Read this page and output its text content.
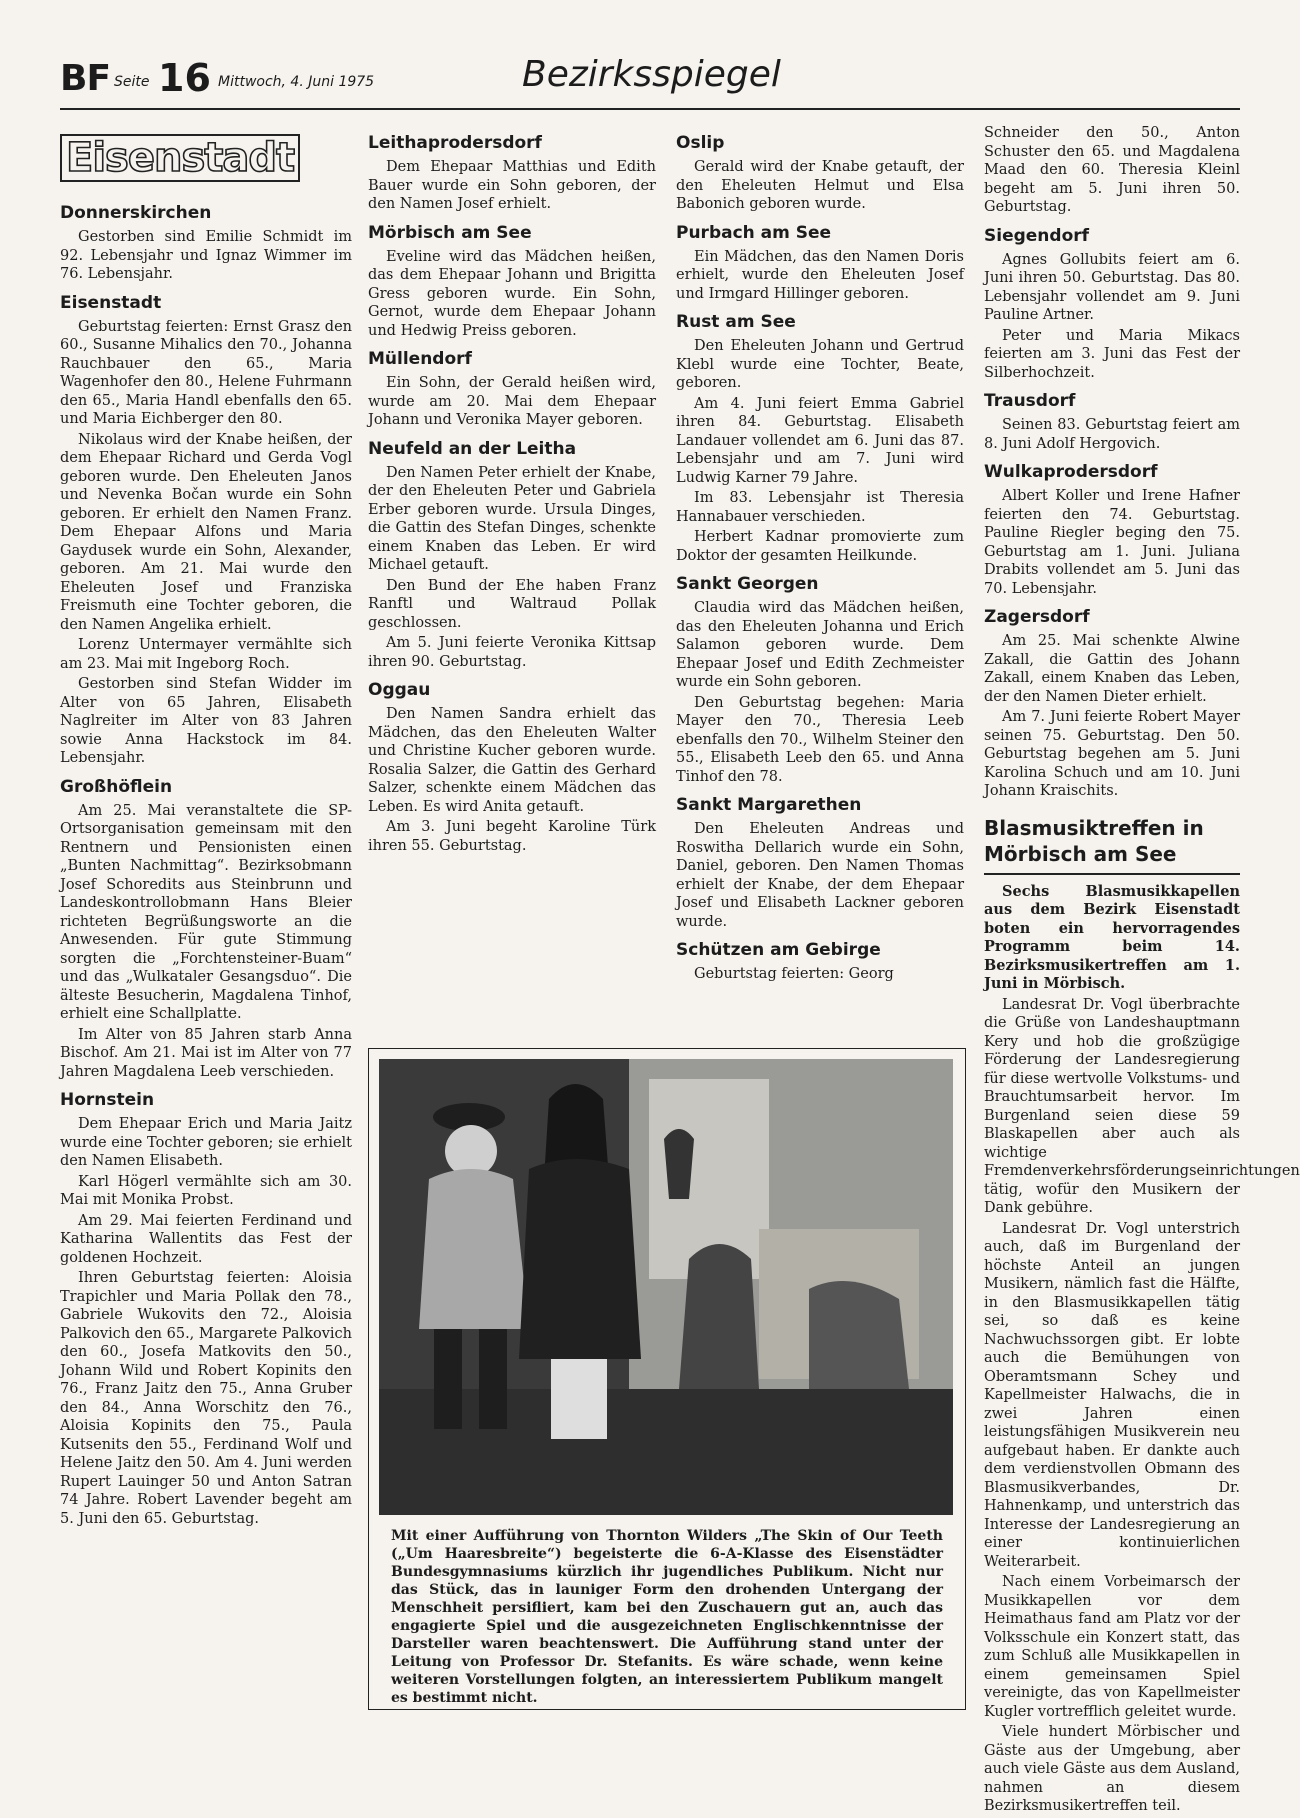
BF Seite 16 Mittwoch, 4. Juni 1975	Bezirksspiegel
Eisenstadt
Donnerskirchen

Gestorben sind Emilie Schmidt im 92. Lebensjahr und Ignaz Wimmer im 76. Lebensjahr.

Eisenstadt

Geburtstag feierten: Ernst Grasz den 60., Susanne Mihalics den 70., Johanna Rauchbauer den 65., Maria Wagenhofer den 80., Helene Fuhrmann den 65., Maria Handl ebenfalls den 65. und Maria Eichberger den 80.

Nikolaus wird der Knabe heißen, der dem Ehepaar Richard und Gerda Vogl geboren wurde. Den Eheleuten Janos und Nevenka Bočan wurde ein Sohn geboren. Er erhielt den Namen Franz. Dem Ehepaar Alfons und Maria Gaydusek wurde ein Sohn, Alexander, geboren. Am 21. Mai wurde den Eheleuten Josef und Franziska Freismuth eine Tochter geboren, die den Namen Angelika erhielt.

Lorenz Untermayer vermählte sich am 23. Mai mit Ingeborg Roch.

Gestorben sind Stefan Widder im Alter von 65 Jahren, Elisabeth Naglreiter im Alter von 83 Jahren sowie Anna Hackstock im 84. Lebensjahr.

Großhöflein

Am 25. Mai veranstaltete die SP-Ortsorganisation gemeinsam mit den Rentnern und Pensionisten einen „Bunten Nachmittag“. Bezirksobmann Josef Schoredits aus Steinbrunn und Landeskontrollobmann Hans Bleier richteten Begrüßungsworte an die Anwesenden. Für gute Stimmung sorgten die „Forchtensteiner-Buam“ und das „Wulkataler Gesangsduo“. Die älteste Besucherin, Magdalena Tinhof, erhielt eine Schallplatte.

Im Alter von 85 Jahren starb Anna Bischof. Am 21. Mai ist im Alter von 77 Jahren Magdalena Leeb verschieden.

Hornstein

Dem Ehepaar Erich und Maria Jaitz wurde eine Tochter geboren; sie erhielt den Namen Elisabeth.

Karl Högerl vermählte sich am 30. Mai mit Monika Probst.

Am 29. Mai feierten Ferdinand und Katharina Wallentits das Fest der goldenen Hochzeit.

Ihren Geburtstag feierten: Aloisia Trapichler und Maria Pollak den 78., Gabriele Wukovits den 72., Aloisia Palkovich den 65., Margarete Palkovich den 60., Josefa Matkovits den 50., Johann Wild und Robert Kopinits den 76., Franz Jaitz den 75., Anna Gruber den 84., Anna Worschitz den 76., Aloisia Kopinits den 75., Paula Kutsenits den 55., Ferdinand Wolf und Helene Jaitz den 50. Am 4. Juni werden Rupert Lauinger 50 und Anton Satran 74 Jahre. Robert Lavender begeht am 5. Juni den 65. Geburtstag.

Leithaprodersdorf

Dem Ehepaar Matthias und Edith Bauer wurde ein Sohn geboren, der den Namen Josef erhielt.

Mörbisch am See

Eveline wird das Mädchen heißen, das dem Ehepaar Johann und Brigitta Gress geboren wurde. Ein Sohn, Gernot, wurde dem Ehepaar Johann und Hedwig Preiss geboren.

Müllendorf

Ein Sohn, der Gerald heißen wird, wurde am 20. Mai dem Ehepaar Johann und Veronika Mayer geboren.

Neufeld an der Leitha

Den Namen Peter erhielt der Knabe, der den Eheleuten Peter und Gabriela Erber geboren wurde. Ursula Dinges, die Gattin des Stefan Dinges, schenkte einem Knaben das Leben. Er wird Michael getauft.

Den Bund der Ehe haben Franz Ranftl und Waltraud Pollak geschlossen.

Am 5. Juni feierte Veronika Kittsap ihren 90. Geburtstag.

Oggau

Den Namen Sandra erhielt das Mädchen, das den Eheleuten Walter und Christine Kucher geboren wurde. Rosalia Salzer, die Gattin des Gerhard Salzer, schenkte einem Mädchen das Leben. Es wird Anita getauft.

Am 3. Juni begeht Karoline Türk ihren 55. Geburtstag.

Oslip

Gerald wird der Knabe getauft, der den Eheleuten Helmut und Elsa Babonich geboren wurde.

Purbach am See

Ein Mädchen, das den Namen Doris erhielt, wurde den Eheleuten Josef und Irmgard Hillinger geboren.

Rust am See

Den Eheleuten Johann und Gertrud Klebl wurde eine Tochter, Beate, geboren.

Am 4. Juni feiert Emma Gabriel ihren 84. Geburtstag. Elisabeth Landauer vollendet am 6. Juni das 87. Lebensjahr und am 7. Juni wird Ludwig Karner 79 Jahre.

Im 83. Lebensjahr ist Theresia Hannabauer verschieden.

Herbert Kadnar promovierte zum Doktor der gesamten Heilkunde.

Sankt Georgen

Claudia wird das Mädchen heißen, das den Eheleuten Johanna und Erich Salamon geboren wurde. Dem Ehepaar Josef und Edith Zechmeister wurde ein Sohn geboren.

Den Geburtstag begehen: Maria Mayer den 70., Theresia Leeb ebenfalls den 70., Wilhelm Steiner den 55., Elisabeth Leeb den 65. und Anna Tinhof den 78.

Sankt Margarethen

Den Eheleuten Andreas und Roswitha Dellarich wurde ein Sohn, Daniel, geboren. Den Namen Thomas erhielt der Knabe, der dem Ehepaar Josef und Elisabeth Lackner geboren wurde.

Schützen am Gebirge

Geburtstag feierten: Georg

Schneider den 50., Anton Schuster den 65. und Magdalena Maad den 60. Theresia Kleinl begeht am 5. Juni ihren 50. Geburtstag.

Siegendorf

Agnes Gollubits feiert am 6. Juni ihren 50. Geburtstag. Das 80. Lebensjahr vollendet am 9. Juni Pauline Artner.

Peter und Maria Mikacs feierten am 3. Juni das Fest der Silberhochzeit.

Trausdorf

Seinen 83. Geburtstag feiert am 8. Juni Adolf Hergovich.

Wulkaprodersdorf

Albert Koller und Irene Hafner feierten den 74. Geburtstag. Pauline Riegler beging den 75. Geburtstag am 1. Juni. Juliana Drabits vollendet am 5. Juni das 70. Lebensjahr.

Zagersdorf

Am 25. Mai schenkte Alwine Zakall, die Gattin des Johann Zakall, einem Knaben das Leben, der den Namen Dieter erhielt.

Am 7. Juni feierte Robert Mayer seinen 75. Geburtstag. Den 50. Geburtstag begehen am 5. Juni Karolina Schuch und am 10. Juni Johann Kraischits.

Blasmusiktreffen in Mörbisch am See

Sechs Blasmusikkapellen aus dem Bezirk Eisenstadt boten ein hervorragendes Programm beim 14. Bezirksmusikertreffen am 1. Juni in Mörbisch.

Landesrat Dr. Vogl überbrachte die Grüße von Landeshauptmann Kery und hob die großzügige Förderung der Landesregierung für diese wertvolle Volkstums- und Brauchtumsarbeit hervor. Im Burgenland seien diese 59 Blaskapellen aber auch als wichtige Fremdenverkehrsförderungseinrichtungen tätig, wofür den Musikern der Dank gebühre.

Landesrat Dr. Vogl unterstrich auch, daß im Burgenland der höchste Anteil an jungen Musikern, nämlich fast die Hälfte, in den Blasmusikkapellen tätig sei, so daß es keine Nachwuchssorgen gibt. Er lobte auch die Bemühungen von Oberamtsmann Schey und Kapellmeister Halwachs, die in zwei Jahren einen leistungsfähigen Musikverein neu aufgebaut haben. Er dankte auch dem verdienstvollen Obmann des Blasmusikverbandes, Dr. Hahnenkamp, und unterstrich das Interesse der Landesregierung an einer kontinuierlichen Weiterarbeit.

Nach einem Vorbeimarsch der Musikkapellen vor dem Heimathaus fand am Platz vor der Volksschule ein Konzert statt, das zum Schluß alle Musikkapellen in einem gemeinsamen Spiel vereinigte, das von Kapellmeister Kugler vortrefflich geleitet wurde.

Viele hundert Mörbischer und Gäste aus der Umgebung, aber auch viele Gäste aus dem Ausland, nahmen an diesem Bezirksmusikertreffen teil.

Mit einer Aufführung von Thornton Wilders „The Skin of Our Teeth („Um Haaresbreite“) begeisterte die 6-A-Klasse des Eisenstädter Bundesgymnasiums kürzlich ihr jugendliches Publikum. Nicht nur das Stück, das in launiger Form den drohenden Untergang der Menschheit persifliert, kam bei den Zuschauern gut an, auch das engagierte Spiel und die ausgezeichneten Englischkenntnisse der Darsteller waren beachtenswert. Die Aufführung stand unter der Leitung von Professor Dr. Stefanits. Es wäre schade, wenn keine weiteren Vorstellungen folgten, an interessiertem Publikum mangelt es bestimmt nicht.
